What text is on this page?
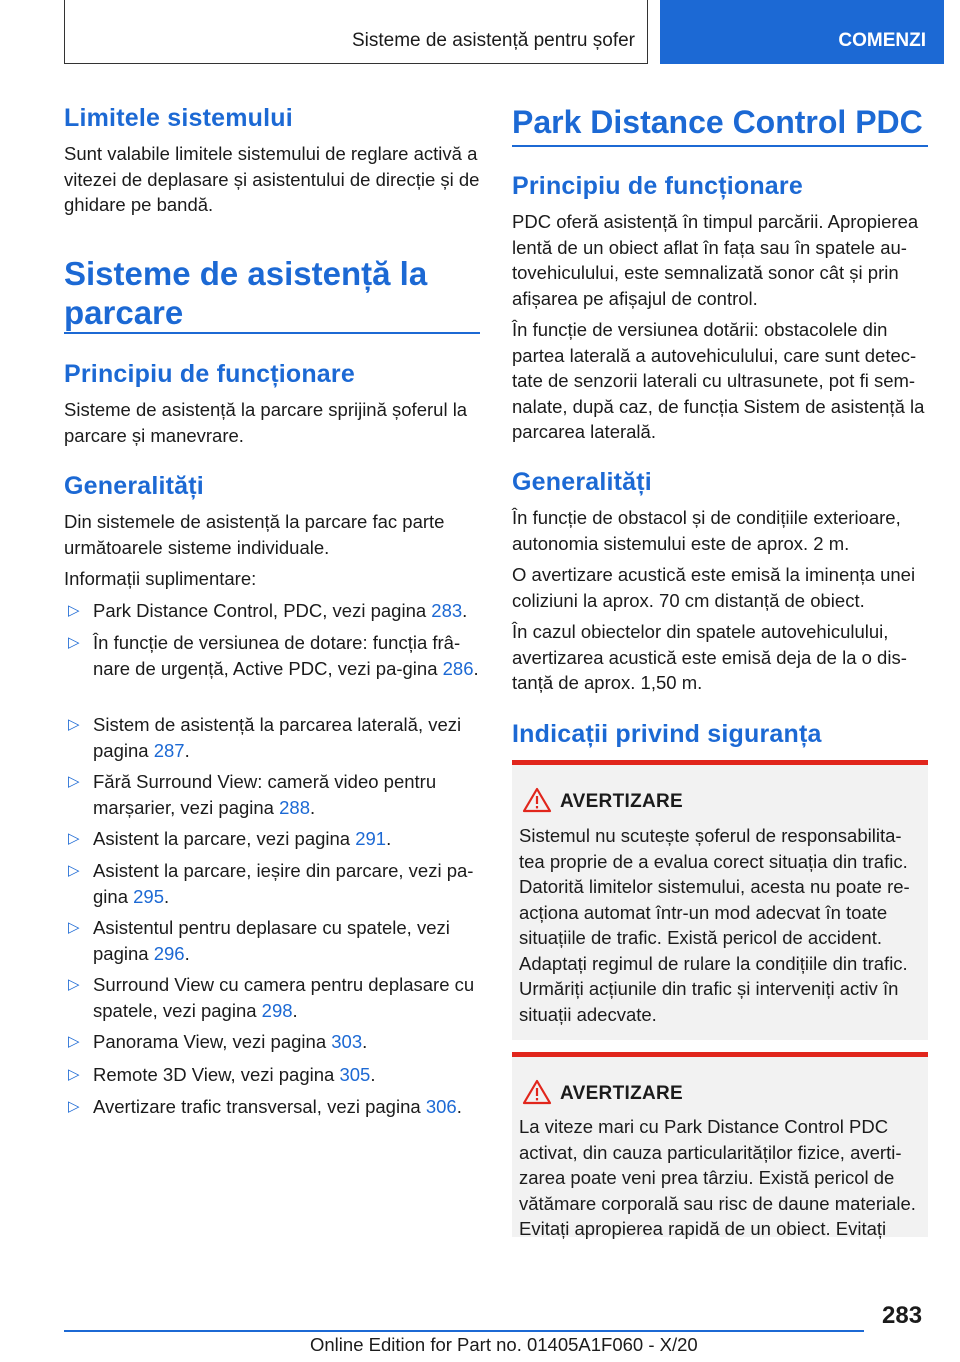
Sisteme de asistență pentru șofer	COMENZI
Limitele sistemului
Sunt valabile limitele sistemului de reglare activă a vitezei de deplasare și asistentului de direcție și de ghidare pe bandă.
Sisteme de asistență la parcare
Principiu de funcționare
Sisteme de asistență la parcare sprijină șoferul la parcare și manevrare.
Generalități
Din sistemele de asistență la parcare fac parte următoarele sisteme individuale.
Informații suplimentare:
▷ Park Distance Control, PDC, vezi pagina 283.
▷ În funcție de versiunea de dotare: funcția frâ-nare de urgență, Active PDC, vezi pa-gina 286.
▷ Sistem de asistență la parcarea laterală, vezi pagina 287.
▷ Fără Surround View: cameră video pentru marșarier, vezi pagina 288.
▷ Asistent la parcare, vezi pagina 291.
▷ Asistent la parcare, ieșire din parcare, vezi pa-gina 295.
▷ Asistentul pentru deplasare cu spatele, vezi pagina 296.
▷ Surround View cu camera pentru deplasare cu spatele, vezi pagina 298.
▷ Panorama View, vezi pagina 303.
▷ Remote 3D View, vezi pagina 305.
▷ Avertizare trafic transversal, vezi pagina 306.
Park Distance Control PDC
Principiu de funcționare
PDC oferă asistență în timpul parcării. Apropierea lentă de un obiect aflat în fața sau în spatele au-tovehiculului, este semnalizată sonor cât și prin afișarea pe afișajul de control.
În funcție de versiunea dotării: obstacolele din partea laterală a autovehiculului, care sunt detec-tate de senzorii laterali cu ultrasunete, pot fi sem-nalate, după caz, de funcția Sistem de asistență la parcarea laterală.
Generalități
În funcție de obstacol și de condițiile exterioare, autonomia sistemului este de aprox. 2 m.
O avertizare acustică este emisă la iminența unei coliziuni la aprox. 70 cm distanță de obiect.
În cazul obiectelor din spatele autovehiculului, avertizarea acustică este emisă deja de la o dis-tanță de aprox. 1,50 m.
Indicații privind siguranța
AVERTIZARE
Sistemul nu scutește șoferul de responsabilita-tea proprie de a evalua corect situația din trafic. Datorită limitelor sistemului, acesta nu poate re-acționa automat într-un mod adecvat în toate situațiile de trafic. Există pericol de accident. Adaptați regimul de rulare la condițiile din trafic. Urmăriți acțiunile din trafic și interveniți activ în situații adecvate.
AVERTIZARE
La viteze mari cu Park Distance Control PDC activat, din cauza particularităților fizice, averti-zarea poate veni prea târziu. Există pericol de vătămare corporală sau risc de daune materiale. Evitați apropierea rapidă de un obiect. Evitați
283
Online Edition for Part no. 01405A1F060 - X/20
